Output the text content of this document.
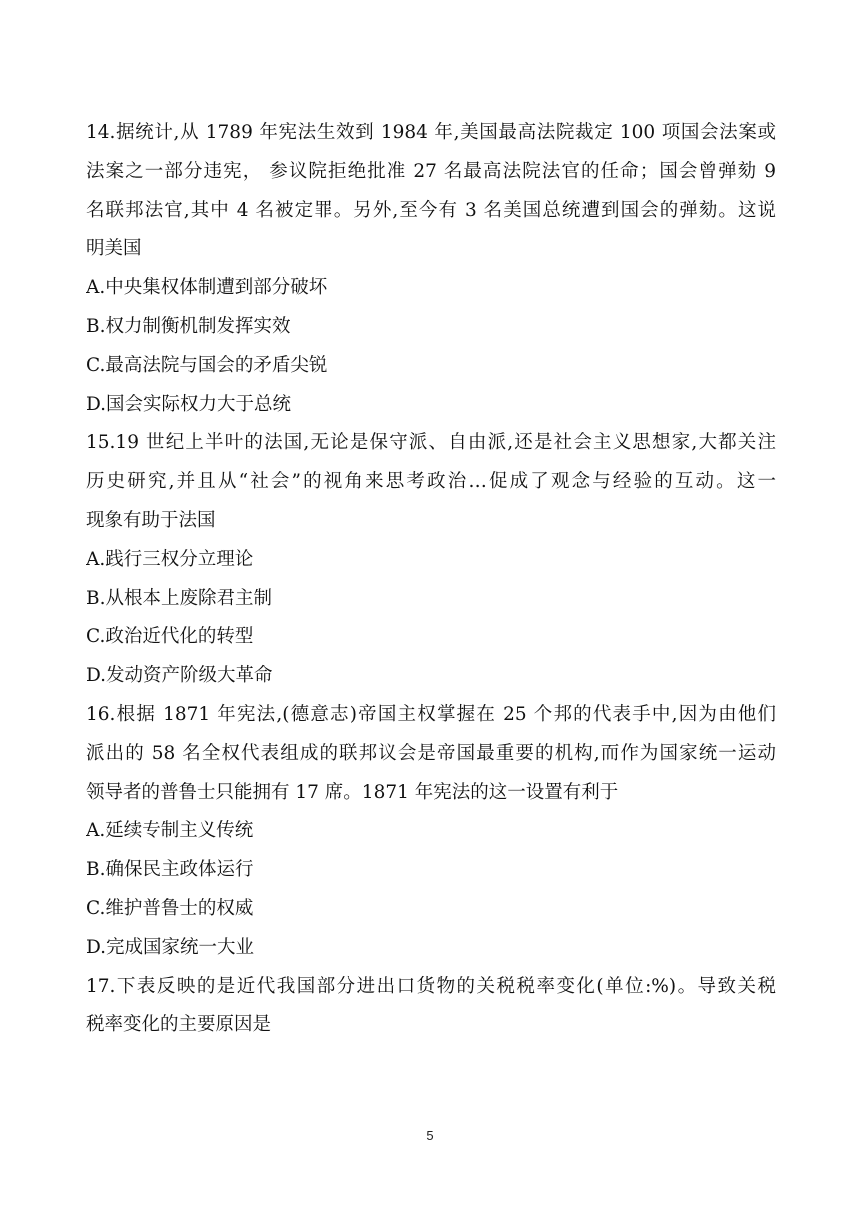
14.据统计,从 1789 年宪法生效到 1984 年,美国最高法院裁定 100 项国会法案或
法案之一部分违宪， 参议院拒绝批准 27 名最高法院法官的任命；国会曾弹劾 9
名联邦法官,其中 4 名被定罪。另外,至今有 3 名美国总统遭到国会的弹劾。这说
明美国
A.中央集权体制遭到部分破坏
B.权力制衡机制发挥实效
C.最高法院与国会的矛盾尖锐
D.国会实际权力大于总统
15.19 世纪上半叶的法国,无论是保守派、自由派,还是社会主义思想家,大都关注
历史研究,并且从“社会”的视角来思考政治…促成了观念与经验的互动。这一
现象有助于法国
A.践行三权分立理论
B.从根本上废除君主制
C.政治近代化的转型
D.发动资产阶级大革命
16.根据 1871 年宪法,(德意志)帝国主权掌握在 25 个邦的代表手中,因为由他们
派出的 58 名全权代表组成的联邦议会是帝国最重要的机构,而作为国家统一运动
领导者的普鲁士只能拥有 17 席。1871 年宪法的这一设置有利于
A.延续专制主义传统
B.确保民主政体运行
C.维护普鲁士的权威
D.完成国家统一大业
17.下表反映的是近代我国部分进出口货物的关税税率变化(单位:%)。导致关税
税率变化的主要原因是
5
